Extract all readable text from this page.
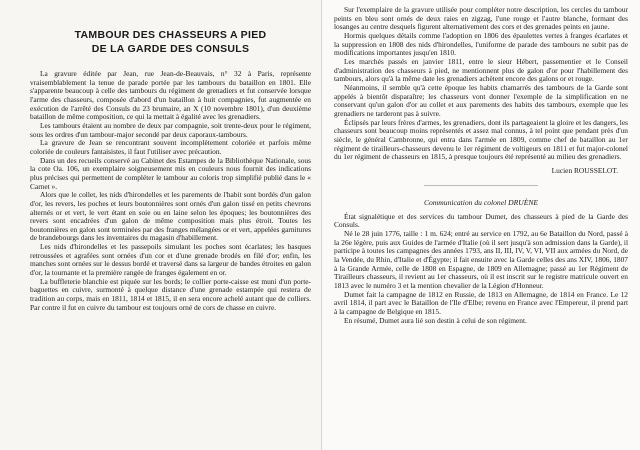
TAMBOUR DES CHASSEURS A PIED
DE LA GARDE DES CONSULS

La gravure éditée par Jean, rue Jean-de-Beauvais, n° 32 à Paris, représente vraisemblablement la tenue de parade portée par les tambours du bataillon en 1801. Elle s'apparente beaucoup à celle des tambours du régiment de grenadiers et fut conservée lorsque l'arme des chasseurs, composée d'abord d'un bataillon à huit compagnies, fut augmentée en exécution de l'arrêté des Consuls du 23 brumaire, an X (10 novembre 1801), d'un deuxième bataillon de même composition, ce qui la mettait à égalité avec les grenadiers.

Les tambours étaient au nombre de deux par compagnie, soit trente-deux pour le régiment, sous les ordres d'un tambour-major secondé par deux caporaux-tambours.

La gravure de Jean se rencontrant souvent incomplètement coloriée et parfois même coloriée de couleurs fantaisistes, il faut l'utiliser avec précaution.

Dans un des recueils conservé au Cabinet des Estampes de la Bibliothèque Nationale, sous la cote Oa. 106, un exemplaire soigneusement mis en couleurs nous fournit des indications plus précises qui permettent de compléter le tambour au coloris trop simplifié publié dans le « Carnet ».

Alors que le collet, les nids d'hirondelles et les parements de l'habit sont bordés d'un galon d'or, les revers, les poches et leurs boutonnières sont ornés d'un galon tissé en petits chevrons alternés or et vert, le vert étant en soie ou en laine selon les époques; les boutonnières des revers sont encadrées d'un galon de même composition mais plus étroit. Toutes les boutonnières en galon sont terminées par des franges mélangées or et vert, appelées garnitures de brandebourgs dans les inventaires du magasin d'habillement.

Les nids d'hirondelles et les passepoils simulant les poches sont écarlates; les basques retroussées et agrafées sont ornées d'un cor et d'une grenade brodés en filé d'or; enfin, les manches sont ornées sur le dessus bordé et traversé dans sa largeur de bandes étroites en galon d'or, la tournante et la première rangée de franges également en or.

La buffleterie blanchie est piquée sur les bords; le collier porte-caisse est muni d'un porte-baguettes en cuivre, surmonté à quelque distance d'une grenade estampée qui restera de tradition au corps, mais en 1811, 1814 et 1815, il en sera encore achelé autant que de colliers. Par contre il fut en cuivre du tambour est toujours orné de cors de chasse en cuivre.

Sur l'exemplaire de la gravure utilisée pour compléter notre description, les cercles du tambour peints en bleu sont ornés de deux raies en zigzag, l'une rouge et l'autre blanche, formant des losanges au centre desquels figurent alternativement des cors et des grenades peints en jaune.

Hormis quelques détails comme l'adoption en 1806 des épaulettes vertes à franges écarlates et la suppression en 1808 des nids d'hirondelles, l'uniforme de parade des tambours ne subit pas de modifications importantes jusqu'en 1810.

Les marchés passés en janvier 1811, entre le sieur Hébert, passementier et le Conseil d'administration des chasseurs à pied, ne mentionnent plus de galon d'or pour l'habillement des tambours, alors qu'à la même date les grenadiers achètent encore des galons or et rouge.

Néanmoins, il semble qu'à cette époque les habits chamarrés des tambours de la Garde sont appelés à bientôt disparaître; les chasseurs vont donner l'exemple de la simplification en ne conservant qu'un galon d'or au collet et aux parements des habits des tambours, exemple que les grenadiers ne tarderont pas à suivre.

Éclipsés par leurs frères d'armes, les grenadiers, dont ils partageaient la gloire et les dangers, les chasseurs sont beaucoup moins représentés et assez mal connus, à tel point que pendant près d'un siècle, le général Cambronne, qui entra dans l'armée en 1809, comme chef de bataillon au 1er régiment de tirailleurs-chasseurs devenu le 1er régiment de voltigeurs en 1811 et fut major-colonel du 1er régiment de chasseurs en 1815, à presque toujours été représenté au milieu des grenadiers.

Lucien ROUSSELOT.

Communication du colonel DRUÈNE

État signalétique et des services du tambour Dumet, des chasseurs à pied de la Garde des Consuls.

Né le 28 juin 1776, taille : 1 m. 624; entré au service en 1792, au 6e Bataillon du Nord, passé à la 26e légère, puis aux Guides de l'armée d'Italie (où il sert jusqu'à son admission dans la Garde), il participe à toutes les campagnes des années 1793, ans II, III, IV, V, VI, VII aux armées du Nord, de la Vendée, du Rhin, d'Italie et d'Égypte; il fait ensuite avec la Garde celles des ans XIV, 1806, 1807 à la Grande Armée, celle de 1808 en Espagne, de 1809 en Allemagne; passé au 1er Régiment de Tirailleurs chasseurs, il revient au 1er chasseurs, où il est inscrit sur le registre matricule ouvert en 1813 avec le numéro 3 et la mention chevalier de la Légion d'Honneur.

Dumet fait la campagne de 1812 en Russie, de 1813 en Allemagne, de 1814 en France. Le 12 avril 1814, il part avec le Bataillon de l'Ile d'Elbe; revenu en France avec l'Empereur, il prend part à la campagne de Belgique en 1815.

En résumé, Dumet aura lié son destin à celui de son régiment.
